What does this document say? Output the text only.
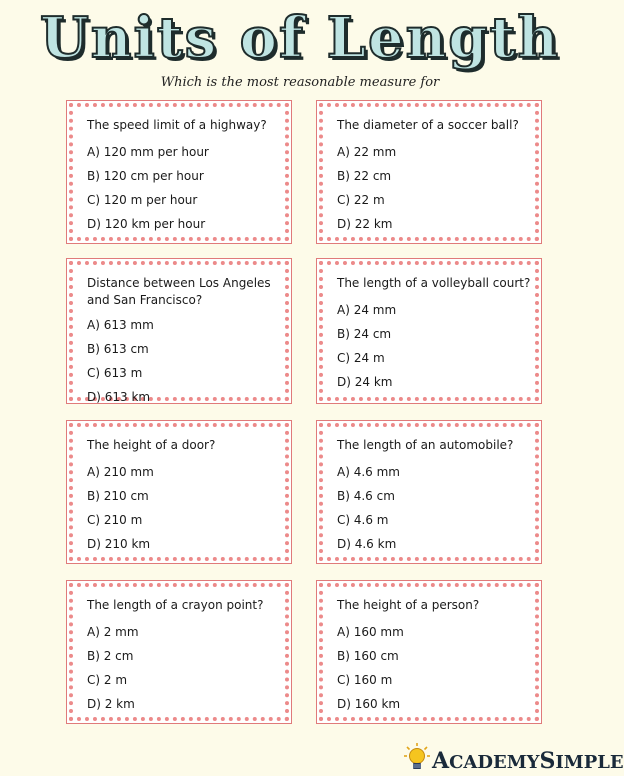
Units of Length
Which is the most reasonable measure for
The speed limit of a highway?
A) 120 mm per hour
B) 120 cm per hour
C) 120 m per hour
D) 120 km per hour
The diameter of a soccer ball?
A) 22 mm
B) 22 cm
C) 22 m
D) 22 km
Distance between Los Angeles and San Francisco?
A) 613 mm
B) 613 cm
C) 613 m
D) 613 km
The length of a volleyball court?
A) 24 mm
B) 24 cm
C) 24 m
D) 24 km
The height of a door?
A) 210 mm
B) 210 cm
C) 210 m
D) 210 km
The length of an automobile?
A) 4.6 mm
B) 4.6 cm
C) 4.6 m
D) 4.6 km
The length of a crayon point?
A) 2 mm
B) 2 cm
C) 2 m
D) 2 km
The height of a person?
A) 160 mm
B) 160 cm
C) 160 m
D) 160 km
ACADEMYSIMPLE
